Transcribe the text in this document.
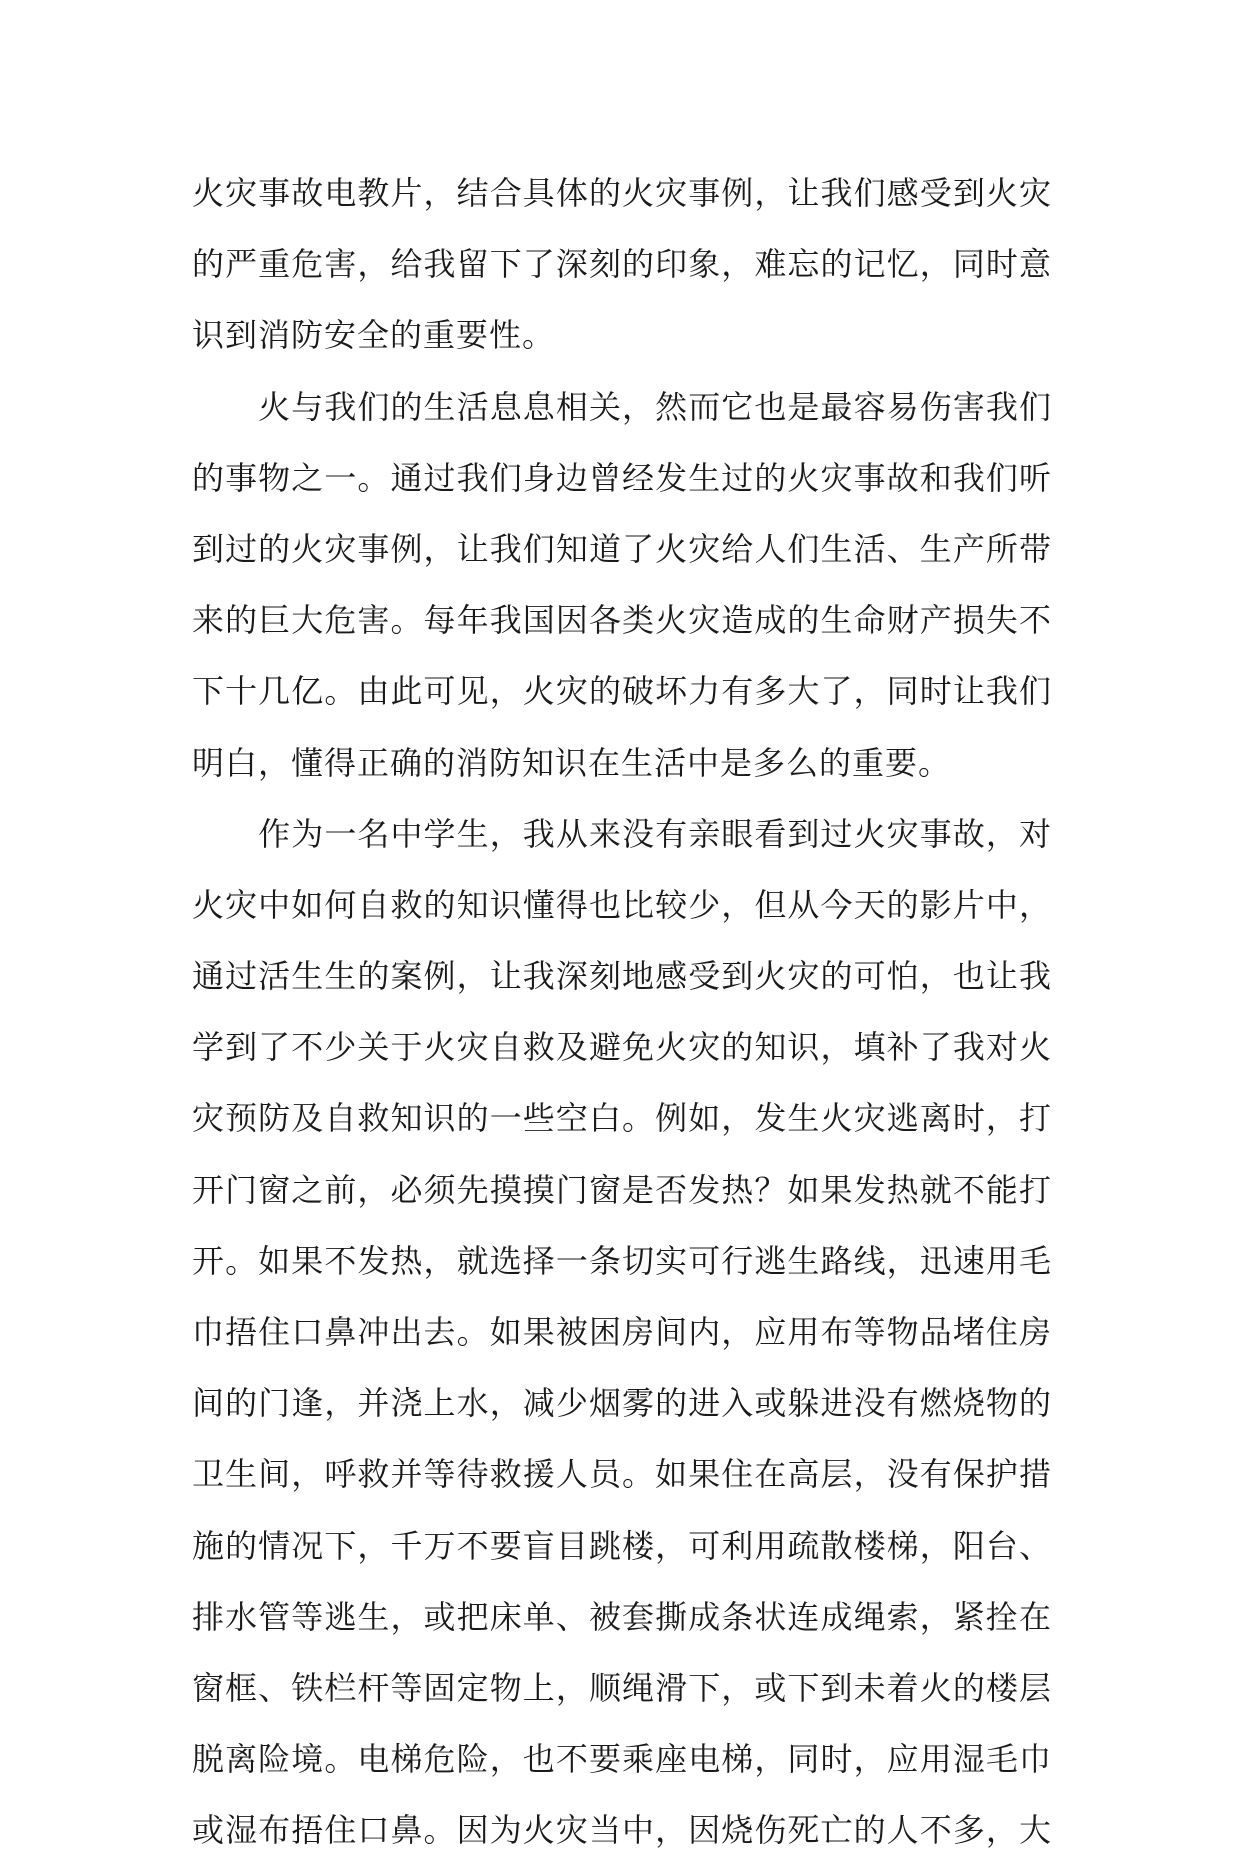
火灾事故电教片，结合具体的火灾事例，让我们感受到火灾
的严重危害，给我留下了深刻的印象，难忘的记忆，同时意
识到消防安全的重要性。
　　火与我们的生活息息相关，然而它也是最容易伤害我们
的事物之一。通过我们身边曾经发生过的火灾事故和我们听
到过的火灾事例，让我们知道了火灾给人们生活、生产所带
来的巨大危害。每年我国因各类火灾造成的生命财产损失不
下十几亿。由此可见，火灾的破坏力有多大了，同时让我们
明白，懂得正确的消防知识在生活中是多么的重要。
　　作为一名中学生，我从来没有亲眼看到过火灾事故，对
火灾中如何自救的知识懂得也比较少，但从今天的影片中，
通过活生生的案例，让我深刻地感受到火灾的可怕，也让我
学到了不少关于火灾自救及避免火灾的知识，填补了我对火
灾预防及自救知识的一些空白。例如，发生火灾逃离时，打
开门窗之前，必须先摸摸门窗是否发热？如果发热就不能打
开。如果不发热，就选择一条切实可行逃生路线，迅速用毛
巾捂住口鼻冲出去。如果被困房间内，应用布等物品堵住房
间的门逢，并浇上水，减少烟雾的进入或躲进没有燃烧物的
卫生间，呼救并等待救援人员。如果住在高层，没有保护措
施的情况下，千万不要盲目跳楼，可利用疏散楼梯，阳台、
排水管等逃生，或把床单、被套撕成条状连成绳索，紧拴在
窗框、铁栏杆等固定物上，顺绳滑下，或下到未着火的楼层
脱离险境。电梯危险，也不要乘座电梯，同时，应用湿毛巾
或湿布捂住口鼻。因为火灾当中，因烧伤死亡的人不多，大
